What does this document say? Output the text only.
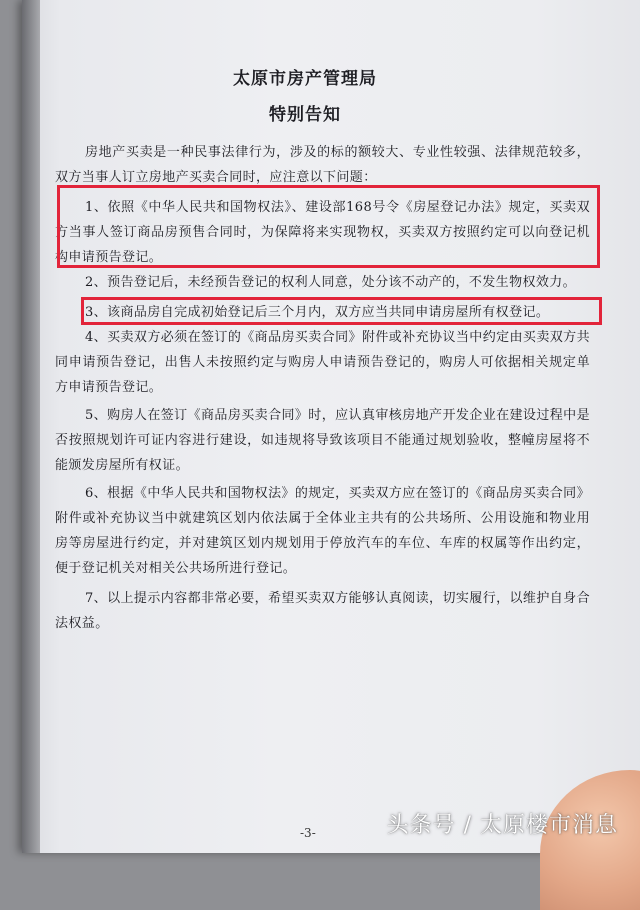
太原市房产管理局
特别告知

房地产买卖是一种民事法律行为，涉及的标的额较大、专业性较强、法律规范较多，双方当事人订立房地产买卖合同时，应注意以下问题：

1、依照《中华人民共和国物权法》、建设部168号令《房屋登记办法》规定，买卖双方当事人签订商品房预售合同时，为保障将来实现物权，买卖双方按照约定可以向登记机构申请预告登记。

2、预告登记后，未经预告登记的权利人同意，处分该不动产的，不发生物权效力。

3、该商品房自完成初始登记后三个月内，双方应当共同申请房屋所有权登记。

4、买卖双方必须在签订的《商品房买卖合同》附件或补充协议当中约定由买卖双方共同申请预告登记，出售人未按照约定与购房人申请预告登记的，购房人可依据相关规定单方申请预告登记。

5、购房人在签订《商品房买卖合同》时，应认真审核房地产开发企业在建设过程中是否按照规划许可证内容进行建设，如违规将导致该项目不能通过规划验收，整幢房屋将不能颁发房屋所有权证。

6、根据《中华人民共和国物权法》的规定，买卖双方应在签订的《商品房买卖合同》附件或补充协议当中就建筑区划内依法属于全体业主共有的公共场所、公用设施和物业用房等房屋进行约定，并对建筑区划内规划用于停放汽车的车位、车库的权属等作出约定，便于登记机关对相关公共场所进行登记。

7、以上提示内容都非常必要，希望买卖双方能够认真阅读，切实履行，以维护自身合法权益。

-3-	头条号 / 太原楼市消息
